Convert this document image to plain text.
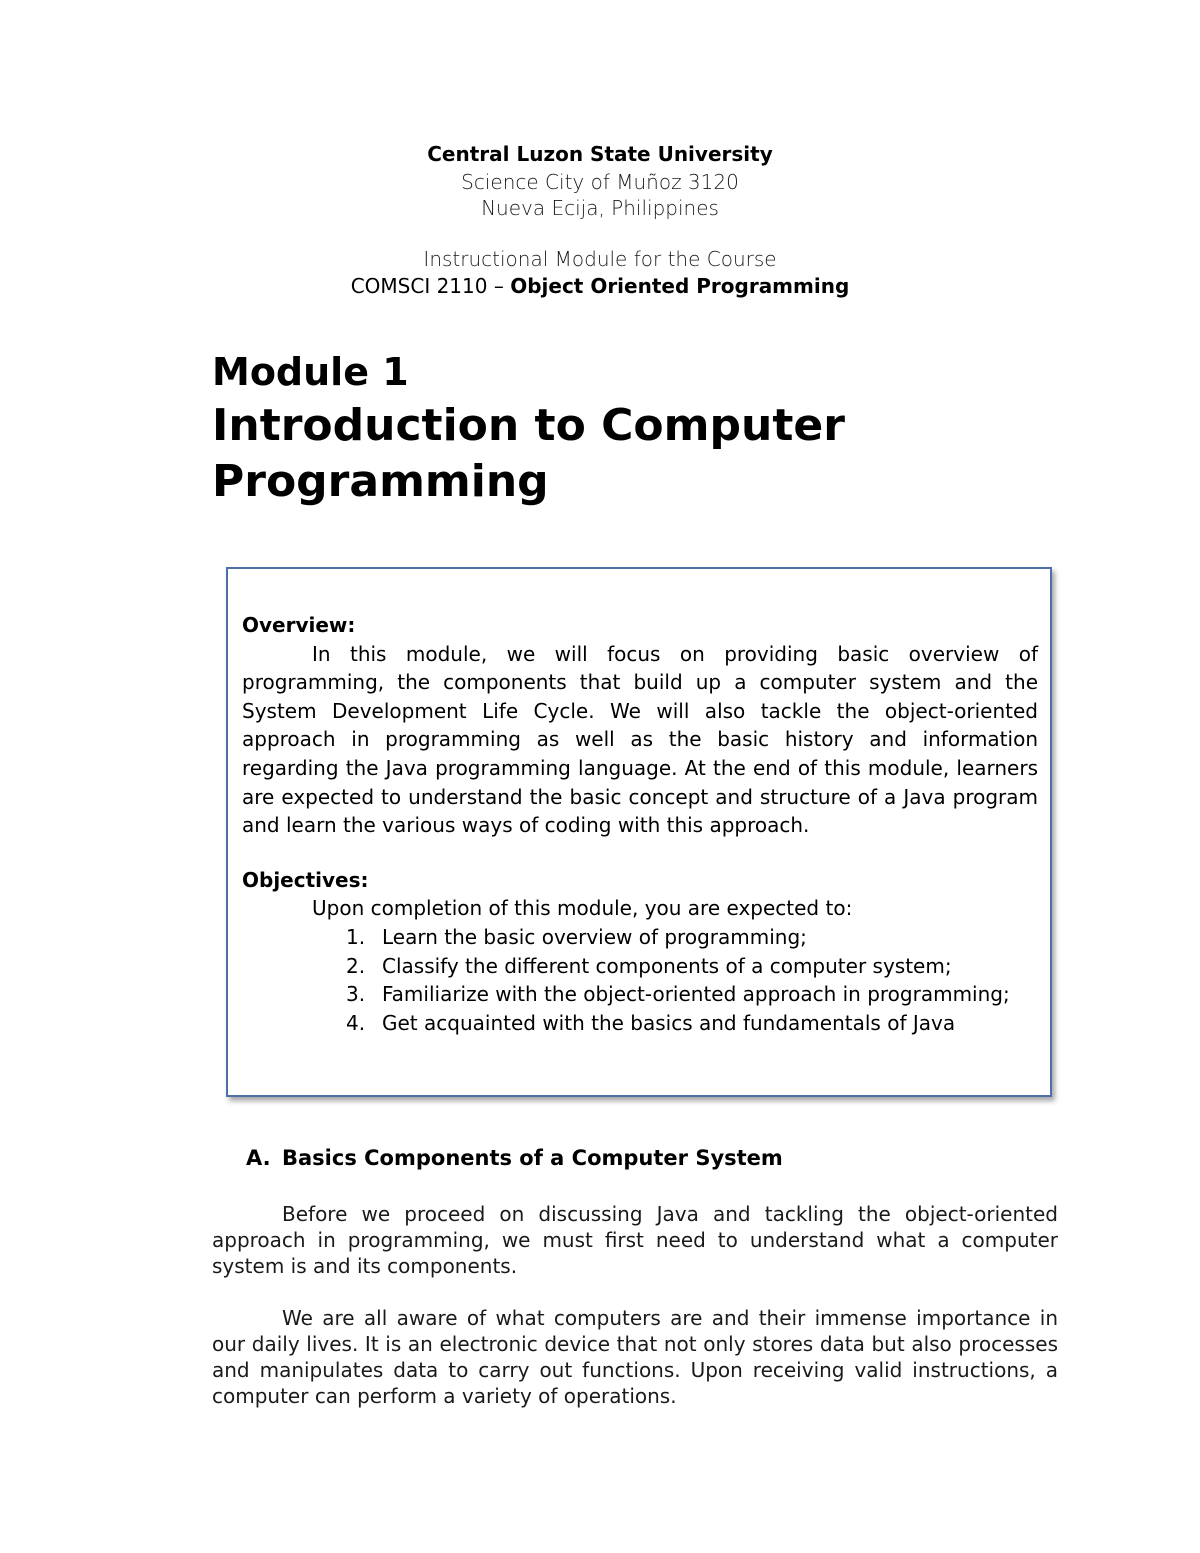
Central Luzon State University
Science City of Muñoz 3120
Nueva Ecija, Philippines
Instructional Module for the Course
COMSCI 2110 – Object Oriented Programming
Module 1
Introduction to Computer Programming
Overview:

In this module, we will focus on providing basic overview of programming, the components that build up a computer system and the System Development Life Cycle. We will also tackle the object-oriented approach in programming as well as the basic history and information regarding the Java programming language. At the end of this module, learners are expected to understand the basic concept and structure of a Java program and learn the various ways of coding with this approach.

Objectives:
Upon completion of this module, you are expected to:
1. Learn the basic overview of programming;
2. Classify the different components of a computer system;
3. Familiarize with the object-oriented approach in programming;
4. Get acquainted with the basics and fundamentals of Java
A. Basics Components of a Computer System

Before we proceed on discussing Java and tackling the object-oriented approach in programming, we must first need to understand what a computer system is and its components.

We are all aware of what computers are and their immense importance in our daily lives. It is an electronic device that not only stores data but also processes and manipulates data to carry out functions. Upon receiving valid instructions, a computer can perform a variety of operations.
